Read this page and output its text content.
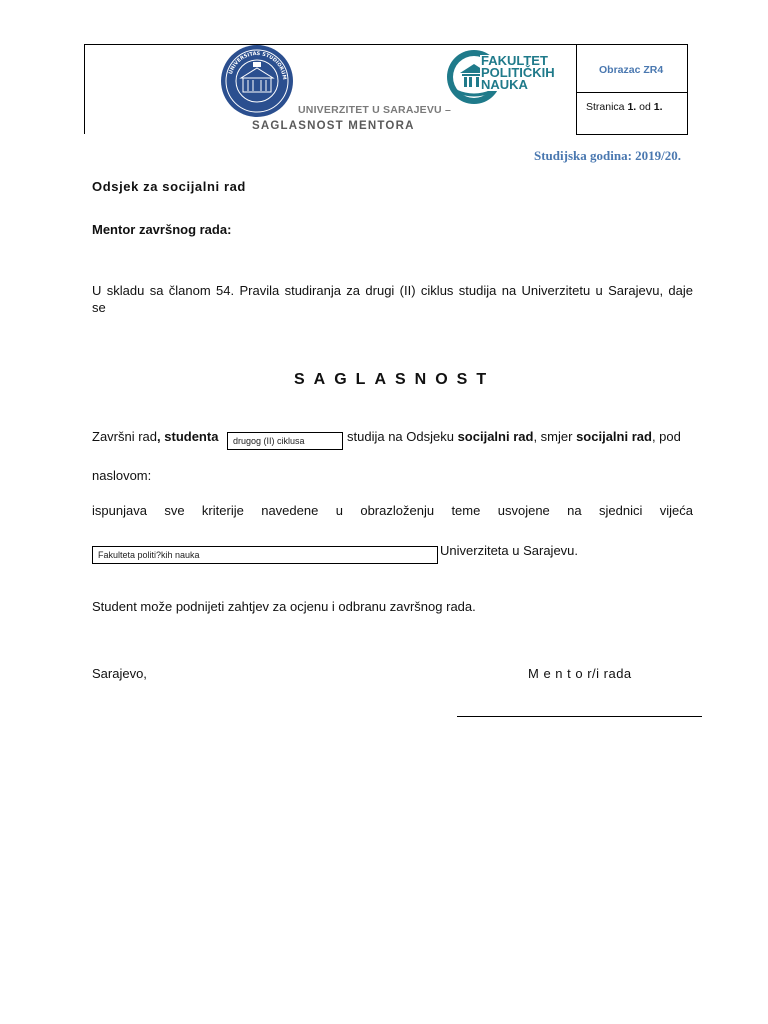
UNIVERSITAS STUDIORUM
FAKULTET
POLITIČKIH
NAUKA
UNIVERZITET U SARAJEVU –
SAGLASNOST MENTORA
Obrazac ZR4
Stranica 1. od 1.
Studijska godina: 2019/20.
Odsjek za socijalni rad
Mentor završnog rada:
U skladu sa članom 54. Pravila studiranja za drugi (II) ciklus studija na Univerzitetu u Sarajevu, daje
se
SAGLASNOST
Završni rad, studenta	drugog (II) ciklusa	studija na Odsjeku socijalni rad, smjer socijalni rad, pod
naslovom:
ispunjava sve kriterije navedene u obrazloženju teme usvojene na sjednici vijeća
Fakulteta politi?kih nauka	Univerziteta u Sarajevu.
Student može podnijeti zahtjev za ocjenu i odbranu završnog rada.
Sarajevo,	M e n t o r/i rada
